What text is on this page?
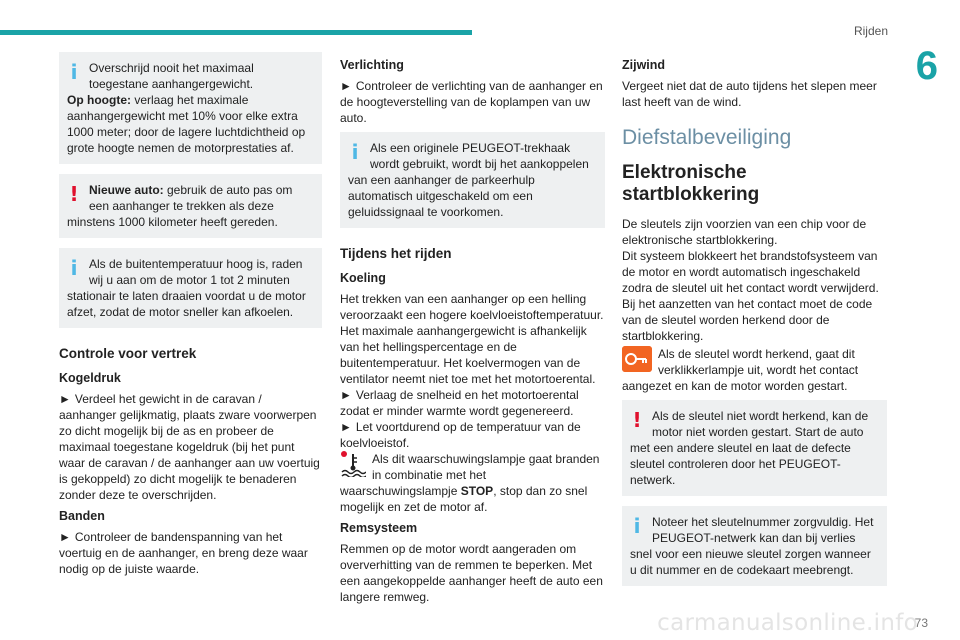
Rijden
6
i Overschrijd nooit het maximaal toegestane aanhangergewicht.
Op hoogte: verlaag het maximale aanhangergewicht met 10% voor elke extra 1000 meter; door de lagere luchtdichtheid op grote hoogte nemen de motorprestaties af.

! Nieuwe auto: gebruik de auto pas om een aanhanger te trekken als deze minstens 1000 kilometer heeft gereden.

i Als de buitentemperatuur hoog is, raden wij u aan om de motor 1 tot 2 minuten stationair te laten draaien voordat u de motor afzet, zodat de motor sneller kan afkoelen.

Controle voor vertrek
Kogeldruk

► Verdeel het gewicht in de caravan / aanhanger gelijkmatig, plaats zware voorwerpen zo dicht mogelijk bij de as en probeer de maximaal toegestane kogeldruk (bij het punt waar de caravan / de aanhanger aan uw voertuig is gekoppeld) zo dicht mogelijk te benaderen zonder deze te overschrijden.

Banden

► Controleer de bandenspanning van het voertuig en de aanhanger, en breng deze waar nodig op de juiste waarde.

Verlichting

► Controleer de verlichting van de aanhanger en de hoogteverstelling van de koplampen van uw auto.

i Als een originele PEUGEOT-trekhaak wordt gebruikt, wordt bij het aankoppelen van een aanhanger de parkeerhulp automatisch uitgeschakeld om een geluidssignaal te voorkomen.

Tijdens het rijden
Koeling

Het trekken van een aanhanger op een helling veroorzaakt een hogere koelvloeistoftemperatuur. Het maximale aanhangergewicht is afhankelijk van het hellingspercentage en de buitentemperatuur. Het koelvermogen van de ventilator neemt niet toe met het motortoerental.

► Verlaag de snelheid en het motortoerental zodat er minder warmte wordt gegenereerd.

► Let voortdurend op de temperatuur van de koelvloeistof.

Als dit waarschuwingslampje gaat branden in combinatie met het waarschuwingslampje STOP, stop dan zo snel mogelijk en zet de motor af.

Remsysteem

Remmen op de motor wordt aangeraden om oververhitting van de remmen te beperken. Met een aangekoppelde aanhanger heeft de auto een langere remweg.

Zijwind

Vergeet niet dat de auto tijdens het slepen meer last heeft van de wind.

Diefstalbeveiliging
Elektronische startblokkering

De sleutels zijn voorzien van een chip voor de elektronische startblokkering.

Dit systeem blokkeert het brandstofsysteem van de motor en wordt automatisch ingeschakeld zodra de sleutel uit het contact wordt verwijderd.

Bij het aanzetten van het contact moet de code van de sleutel worden herkend door de startblokkering.

Als de sleutel wordt herkend, gaat dit verklikkerlampje uit, wordt het contact aangezet en kan de motor worden gestart.

! Als de sleutel niet wordt herkend, kan de motor niet worden gestart. Start de auto met een andere sleutel en laat de defecte sleutel controleren door het PEUGEOT-netwerk.

i Noteer het sleutelnummer zorgvuldig. Het PEUGEOT-netwerk kan dan bij verlies snel voor een nieuwe sleutel zorgen wanneer u dit nummer en de codekaart meebrengt.

carmanualsonline.info
73
